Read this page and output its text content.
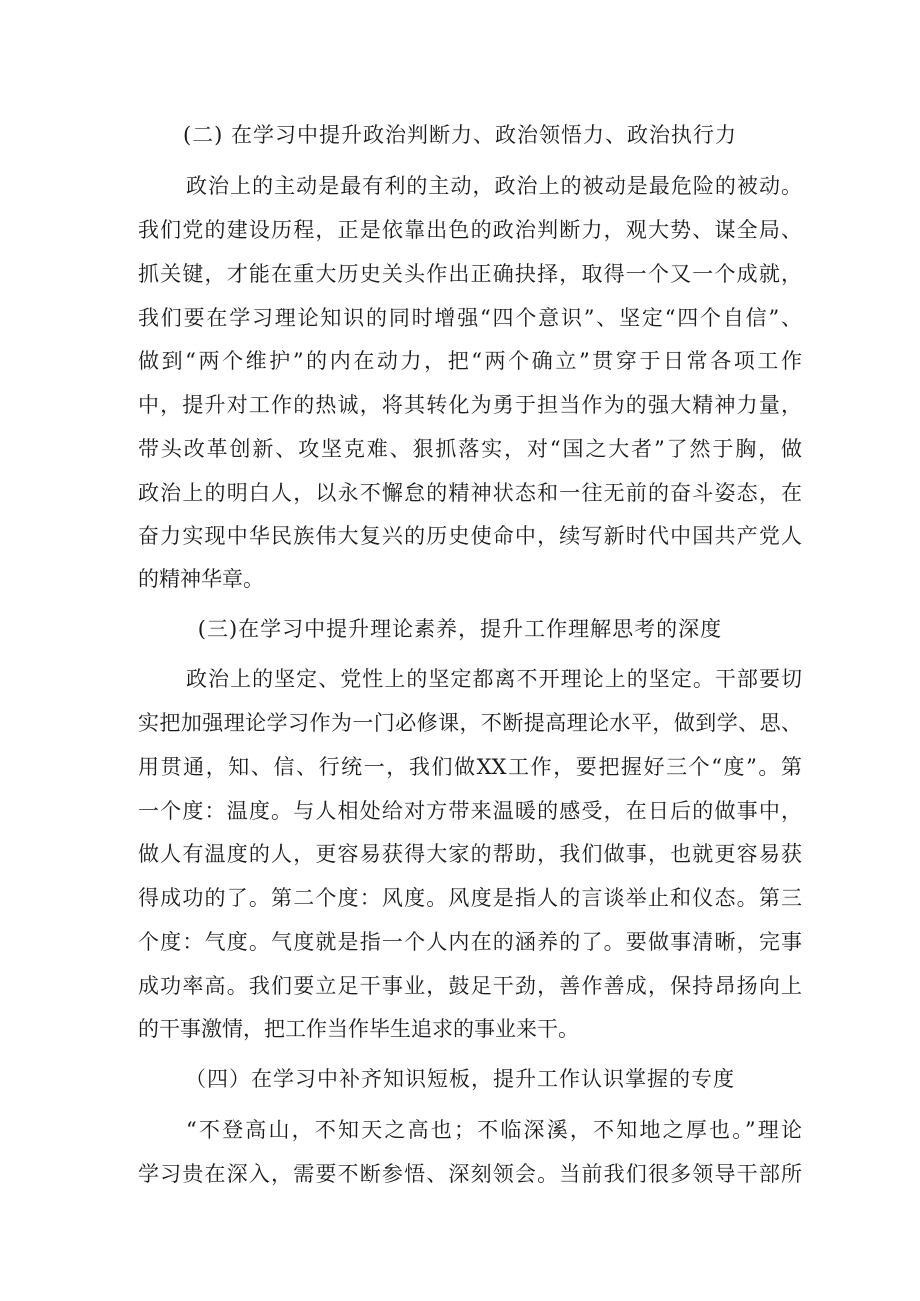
(二) 在学习中提升政治判断力、政治领悟力、政治执行力
政治上的主动是最有利的主动，政治上的被动是最危险的被动。
我们党的建设历程，正是依靠出色的政治判断力，观大势、谋全局、
抓关键，才能在重大历史关头作出正确抉择，取得一个又一个成就，
我们要在学习理论知识的同时增强“四个意识”、坚定“四个自信”、
做到“两个维护”的内在动力，把“两个确立”贯穿于日常各项工作
中，提升对工作的热诚，将其转化为勇于担当作为的强大精神力量，
带头改革创新、攻坚克难、狠抓落实，对“国之大者”了然于胸，做
政治上的明白人，以永不懈怠的精神状态和一往无前的奋斗姿态，在
奋力实现中华民族伟大复兴的历史使命中，续写新时代中国共产党人
的精神华章。
(三)在学习中提升理论素养，提升工作理解思考的深度
政治上的坚定、党性上的坚定都离不开理论上的坚定。干部要切
实把加强理论学习作为一门必修课，不断提高理论水平，做到学、思、
用贯通，知、信、行统一，我们做XX工作，要把握好三个“度”。第
一个度：温度。与人相处给对方带来温暖的感受，在日后的做事中，
做人有温度的人，更容易获得大家的帮助，我们做事，也就更容易获
得成功的了。第二个度：风度。风度是指人的言谈举止和仪态。第三
个度：气度。气度就是指一个人内在的涵养的了。要做事清晰，完事
成功率高。我们要立足干事业，鼓足干劲，善作善成，保持昂扬向上
的干事激情，把工作当作毕生追求的事业来干。
（四）在学习中补齐知识短板，提升工作认识掌握的专度
“不登高山，不知天之高也；不临深溪，不知地之厚也。”理论
学习贵在深入，需要不断参悟、深刻领会。当前我们很多领导干部所
